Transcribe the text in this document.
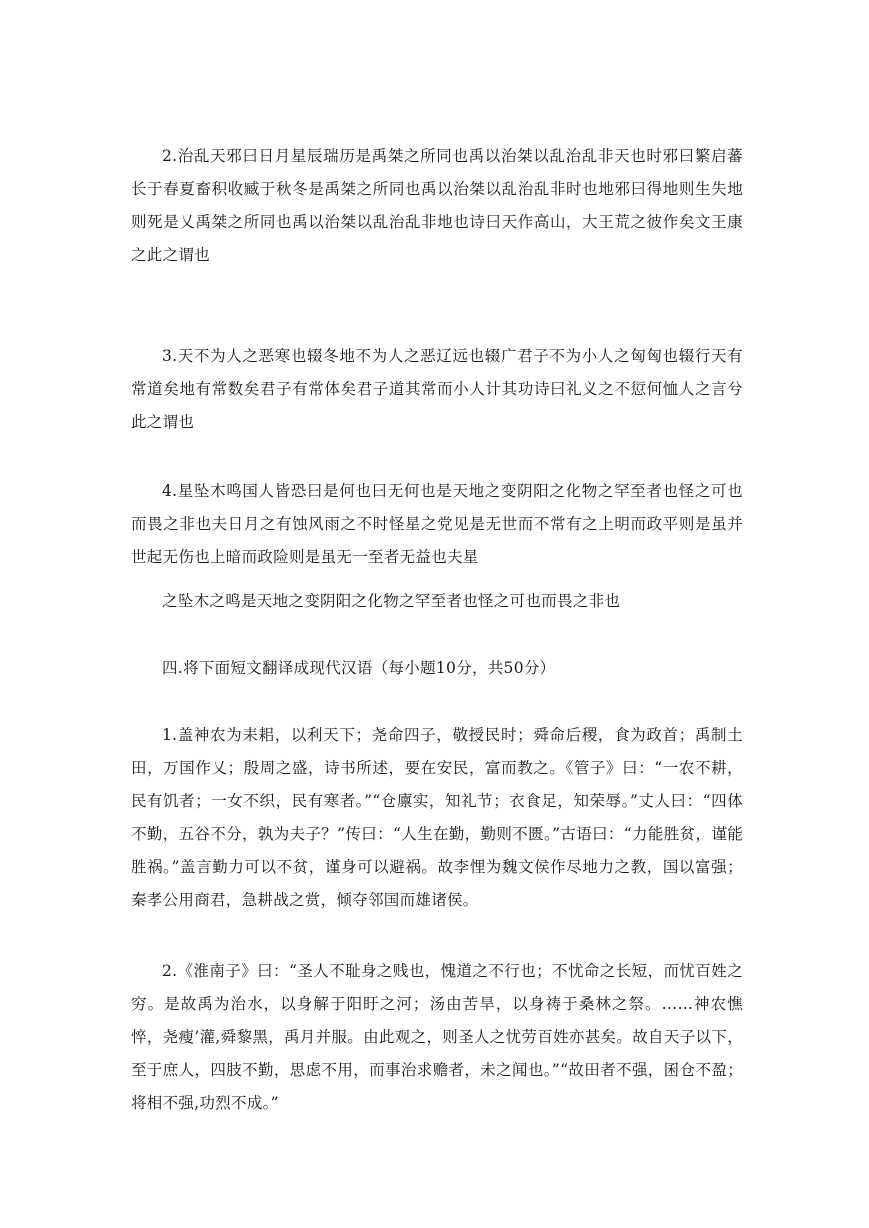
2.治乱天邪曰日月星辰瑞历是禹桀之所同也禹以治桀以乱治乱非天也时邪曰繁启蕃长于春夏畜积收臧于秋冬是禹桀之所同也禹以治桀以乱治乱非时也地邪曰得地则生失地则死是乂禹桀之所同也禹以治桀以乱治乱非地也诗曰天作高山，大王荒之彼作矣文王康之此之谓也

3.天不为人之恶寒也辍冬地不为人之恶辽远也辍广君子不为小人之匈匈也辍行天有常道矣地有常数矣君子有常体矣君子道其常而小人计其功诗曰礼义之不愆何恤人之言兮此之谓也

4.星坠木鸣国人皆恐曰是何也曰无何也是天地之变阴阳之化物之罕至者也怪之可也而畏之非也夫日月之有蚀风雨之不时怪星之党见是无世而不常有之上明而政平则是虽并世起无伤也上暗而政险则是虽无一至者无益也夫星

之坠木之鸣是天地之变阴阳之化物之罕至者也怪之可也而畏之非也

四.将下面短文翻译成现代汉语（每小题10分，共50分）

1.盖神农为耒耜，以利天下；尧命四子，敬授民时；舜命后稷，食为政首；禹制土田，万国作乂；殷周之盛，诗书所述，要在安民，富而教之。《管子》曰：“一农不耕，民有饥者；一女不织，民有寒者。”“仓廪实，知礼节；衣食足，知荣辱。”丈人曰：“四体不勤，五谷不分，孰为夫子？”传曰：“人生在勤，勤则不匮。”古语曰：“力能胜贫，谨能胜祸。”盖言勤力可以不贫，谨身可以避祸。故李悝为魏文侯作尽地力之教，国以富强；秦孝公用商君，急耕战之赏，倾夺邻国而雄诸侯。

2.《淮南子》曰：“圣人不耻身之贱也，愧道之不行也；不忧命之长短，而忧百姓之穷。是故禹为治水，以身解于阳盱之河；汤由苦旱，以身祷于桑林之祭。……神农憔悴，尧瘦’灌,舜黎黑，禹月并服。由此观之，则圣人之忧劳百姓亦甚矣。故自天子以下，至于庶人，四肢不勤，思虑不用，而事治求赡者，未之闻也。”“故田者不强，囷仓不盈；将相不强,功烈不成。”
